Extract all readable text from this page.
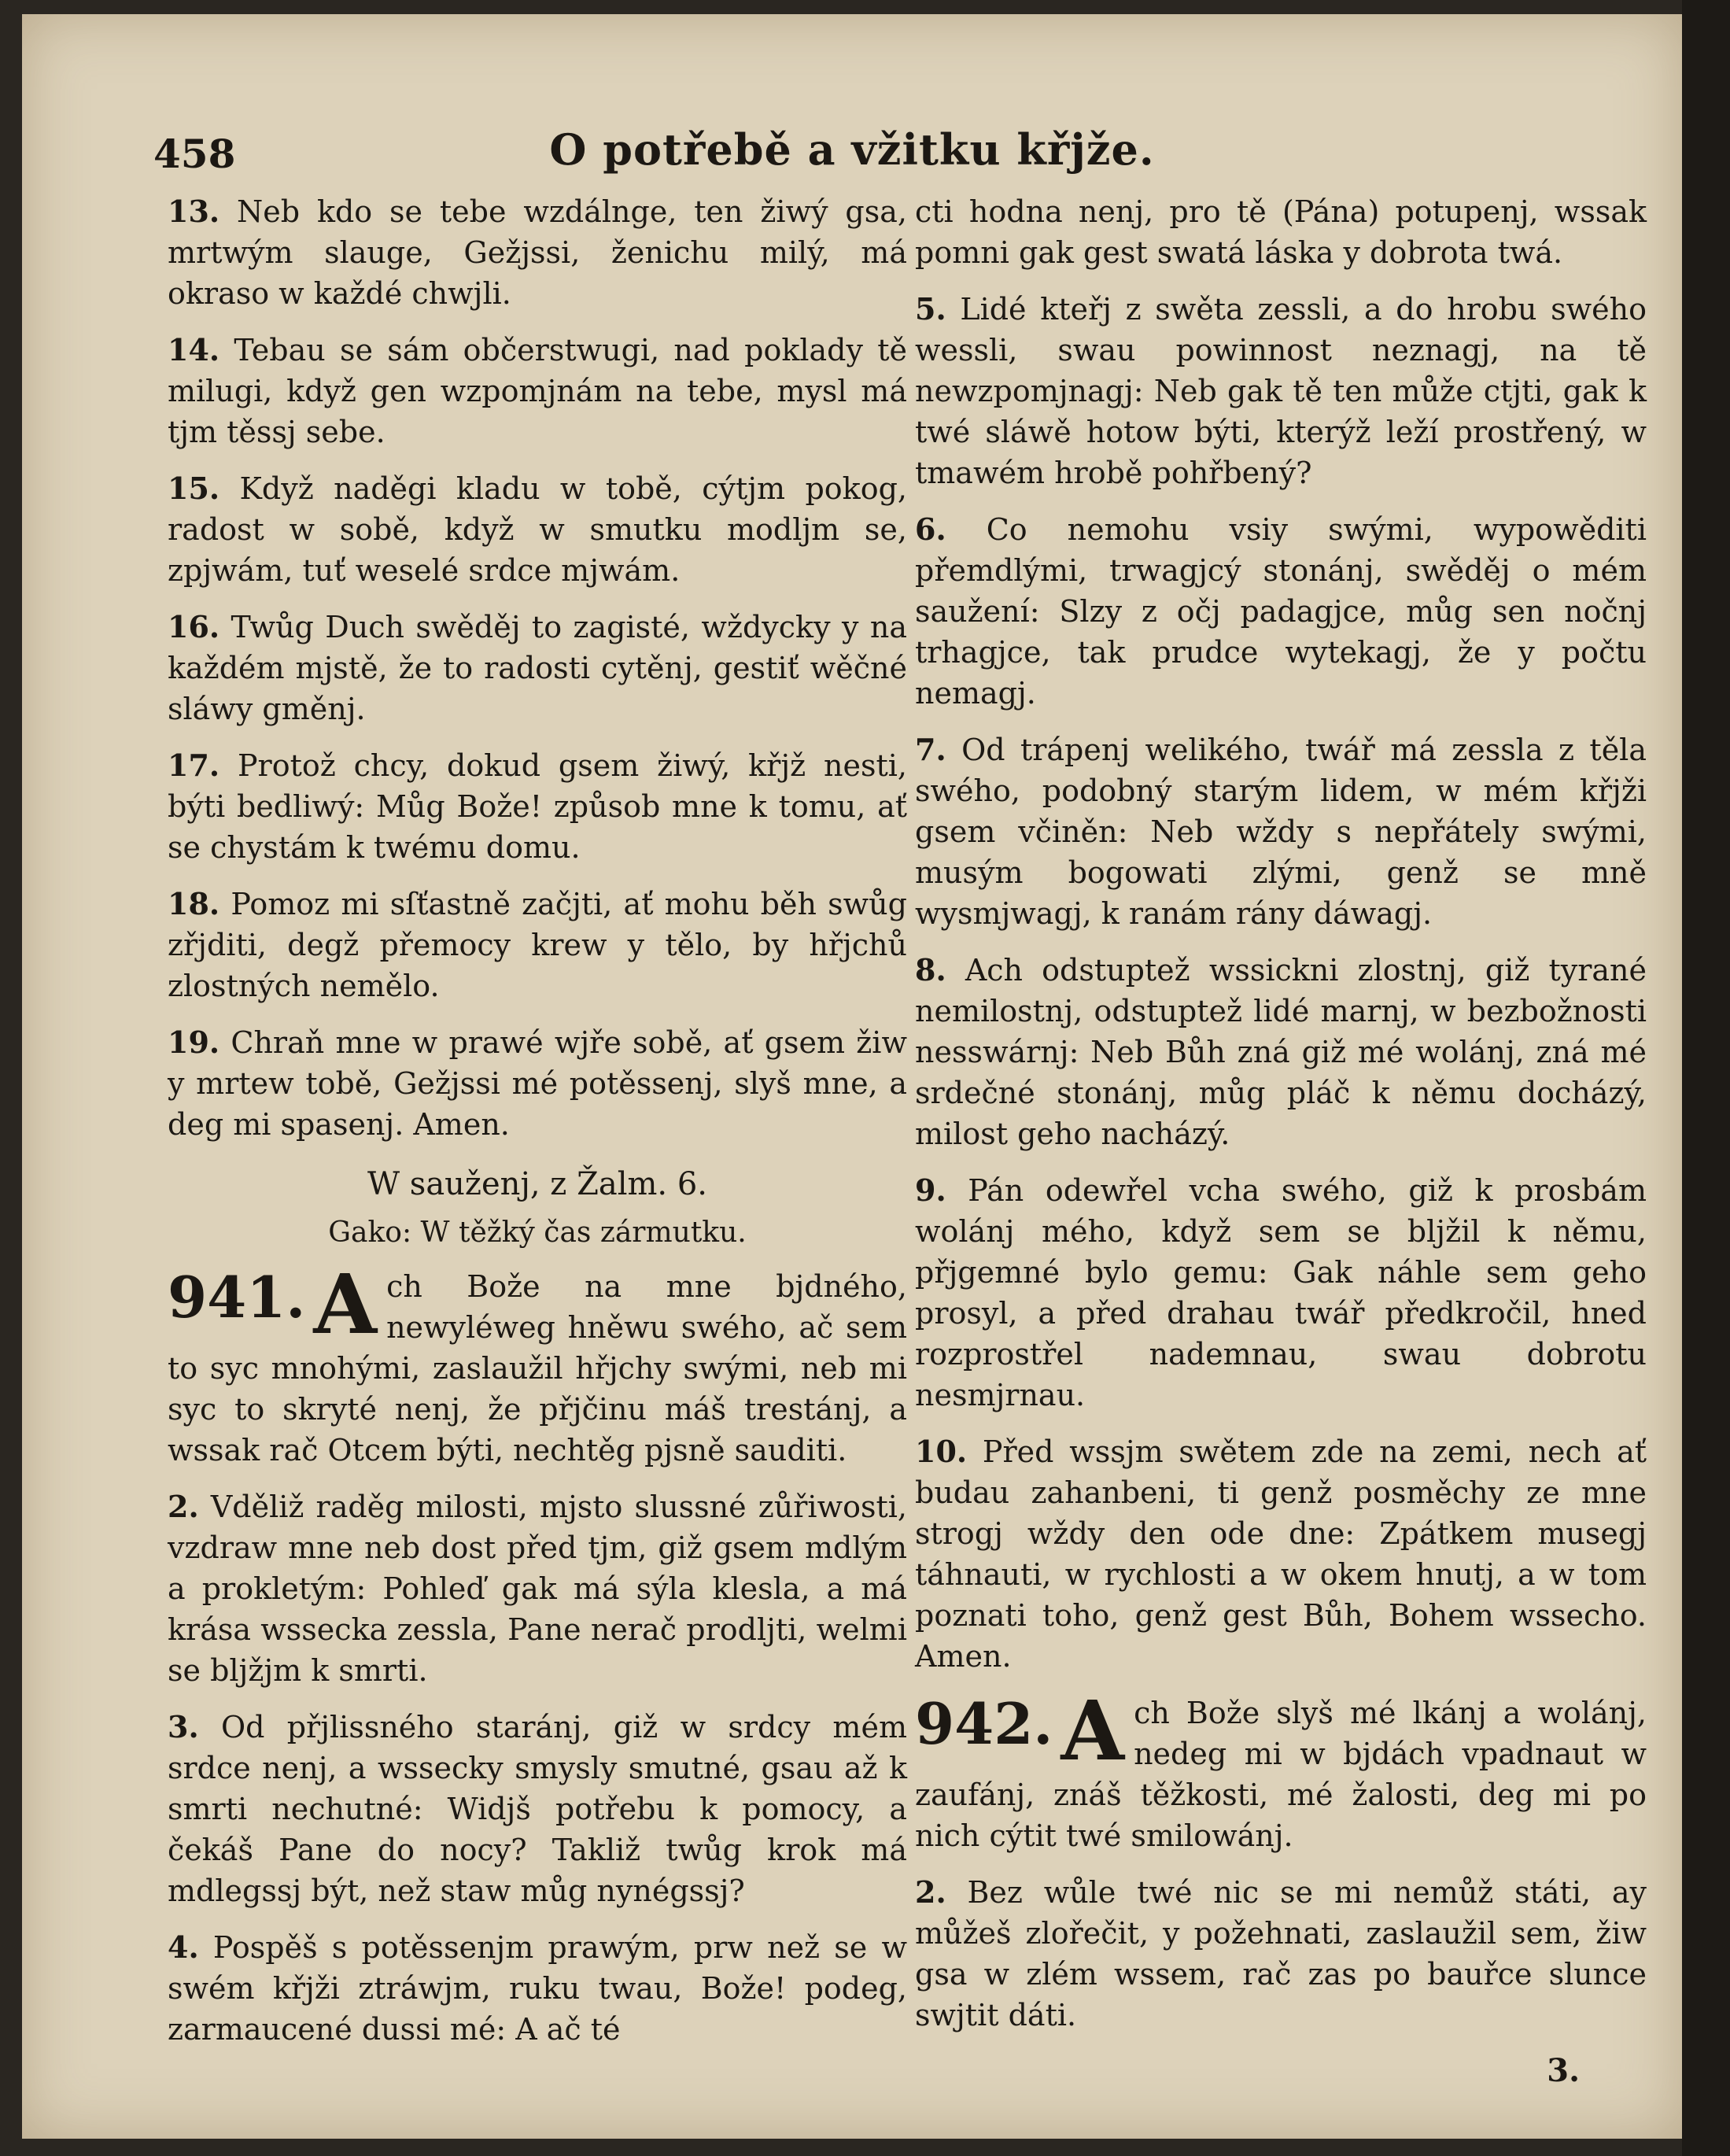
458	O potřebě a vžitku křjže.

13. Neb kdo se tebe wzdálnge, ten žiwý gsa, mrtwým slauge, Gežjssi, ženichu milý, má okraso w každé chwjli.

14. Tebau se sám občerstwugi, nad poklady tě milugi, když gen wzpomjnám na tebe, mysl má tjm těssj sebe.

15. Když naděgi kladu w tobě, cýtjm pokog, radost w sobě, když w smutku modljm se, zpjwám, tuť weselé srdce mjwám.

16. Twůg Duch swěděj to zagisté, wždycky y na každém mjstě, že to radosti cytěnj, gestiť wěčné sláwy gměnj.

17. Protož chcy, dokud gsem žiwý, křjž nesti, býti bedliwý: Můg Bože! způsob mne k tomu, ať se chystám k twému domu.

18. Pomoz mi sſťastně začjti, ať mohu běh swůg zřjditi, degž přemocy krew y tělo, by hřjchů zlostných nemělo.

19. Chraň mne w prawé wjře sobě, ať gsem žiw y mrtew tobě, Gežjssi mé potěssenj, slyš mne, a deg mi spasenj. Amen.

W sauženj, z Žalm. 6.
Gako: W těžký čas zármutku.
941. A ch Bože na mne bjdného, newyléweg hněwu swého, ač sem to syc mnohými, zaslaužil hřjchy swými, neb mi syc to skryté nenj, že přjčinu máš trestánj, a wssak rač Otcem býti, nechtěg pjsně sauditi.

2. Vděliž raděg milosti, mjsto slussné zůřiwosti, vzdraw mne neb dost před tjm, giž gsem mdlým a prokletým: Pohleď gak má sýla klesla, a má krása wssecka zessla, Pane nerač prodljti, welmi se bljžjm k smrti.

3. Od přjlissného staránj, giž w srdcy mém srdce nenj, a wssecky smysly smutné, gsau až k smrti nechutné: Widjš potřebu k pomocy, a čekáš Pane do nocy? Takliž twůg krok má mdlegssj být, než staw můg nynégssj?

4. Pospěš s potěssenjm prawým, prw než se w swém křjži ztráwjm, ruku twau, Bože! podeg, zarmaucené dussi mé: A ač té

cti hodna nenj, pro tě (Pána) potupenj, wssak pomni gak gest swatá láska y dobrota twá.

5. Lidé kteřj z swěta zessli, a do hrobu swého wessli, swau powinnost neznagj, na tě newzpomjnagj: Neb gak tě ten může ctjti, gak k twé sláwě hotow býti, kterýž leží prostřený, w tmawém hrobě pohřbený?

6. Co nemohu vsiy swými, wypowěditi přemdlými, trwagjcý stonánj, swěděj o mém saužení: Slzy z očj padagjce, můg sen nočnj trhagjce, tak prudce wytekagj, že y počtu nemagj.

7. Od trápenj welikého, twář má zessla z těla swého, podobný starým lidem, w mém křjži gsem včiněn: Neb wždy s nepřátely swými, musým bogowati zlými, genž se mně wysmjwagj, k ranám rány dáwagj.

8. Ach odstuptež wssickni zlostnj, giž tyrané nemilostnj, odstuptež lidé marnj, w bezbožnosti nesswárnj: Neb Bůh zná giž mé wolánj, zná mé srdečné stonánj, můg pláč k němu docházý, milost geho nacházý.

9. Pán odewřel vcha swého, giž k prosbám wolánj mého, když sem se bljžil k němu, přjgemné bylo gemu: Gak náhle sem geho prosyl, a před drahau twář předkročil, hned rozprostřel nademnau, swau dobrotu nesmjrnau.

10. Před wssjm swětem zde na zemi, nech ať budau zahanbeni, ti genž posměchy ze mne strogj wždy den ode dne: Zpátkem musegj táhnauti, w rychlosti a w okem hnutj, a w tom poznati toho, genž gest Bůh, Bohem wssecho. Amen.

942. A ch Bože slyš mé lkánj a wolánj, nedeg mi w bjdách vpadnaut w zaufánj, znáš těžkosti, mé žalosti, deg mi po nich cýtit twé smilowánj.

2. Bez wůle twé nic se mi nemůž státi, ay můžeš zlořečit, y požehnati, zaslaužil sem, žiw gsa w zlém wssem, rač zas po bauřce slunce swjtit dáti.

3.
